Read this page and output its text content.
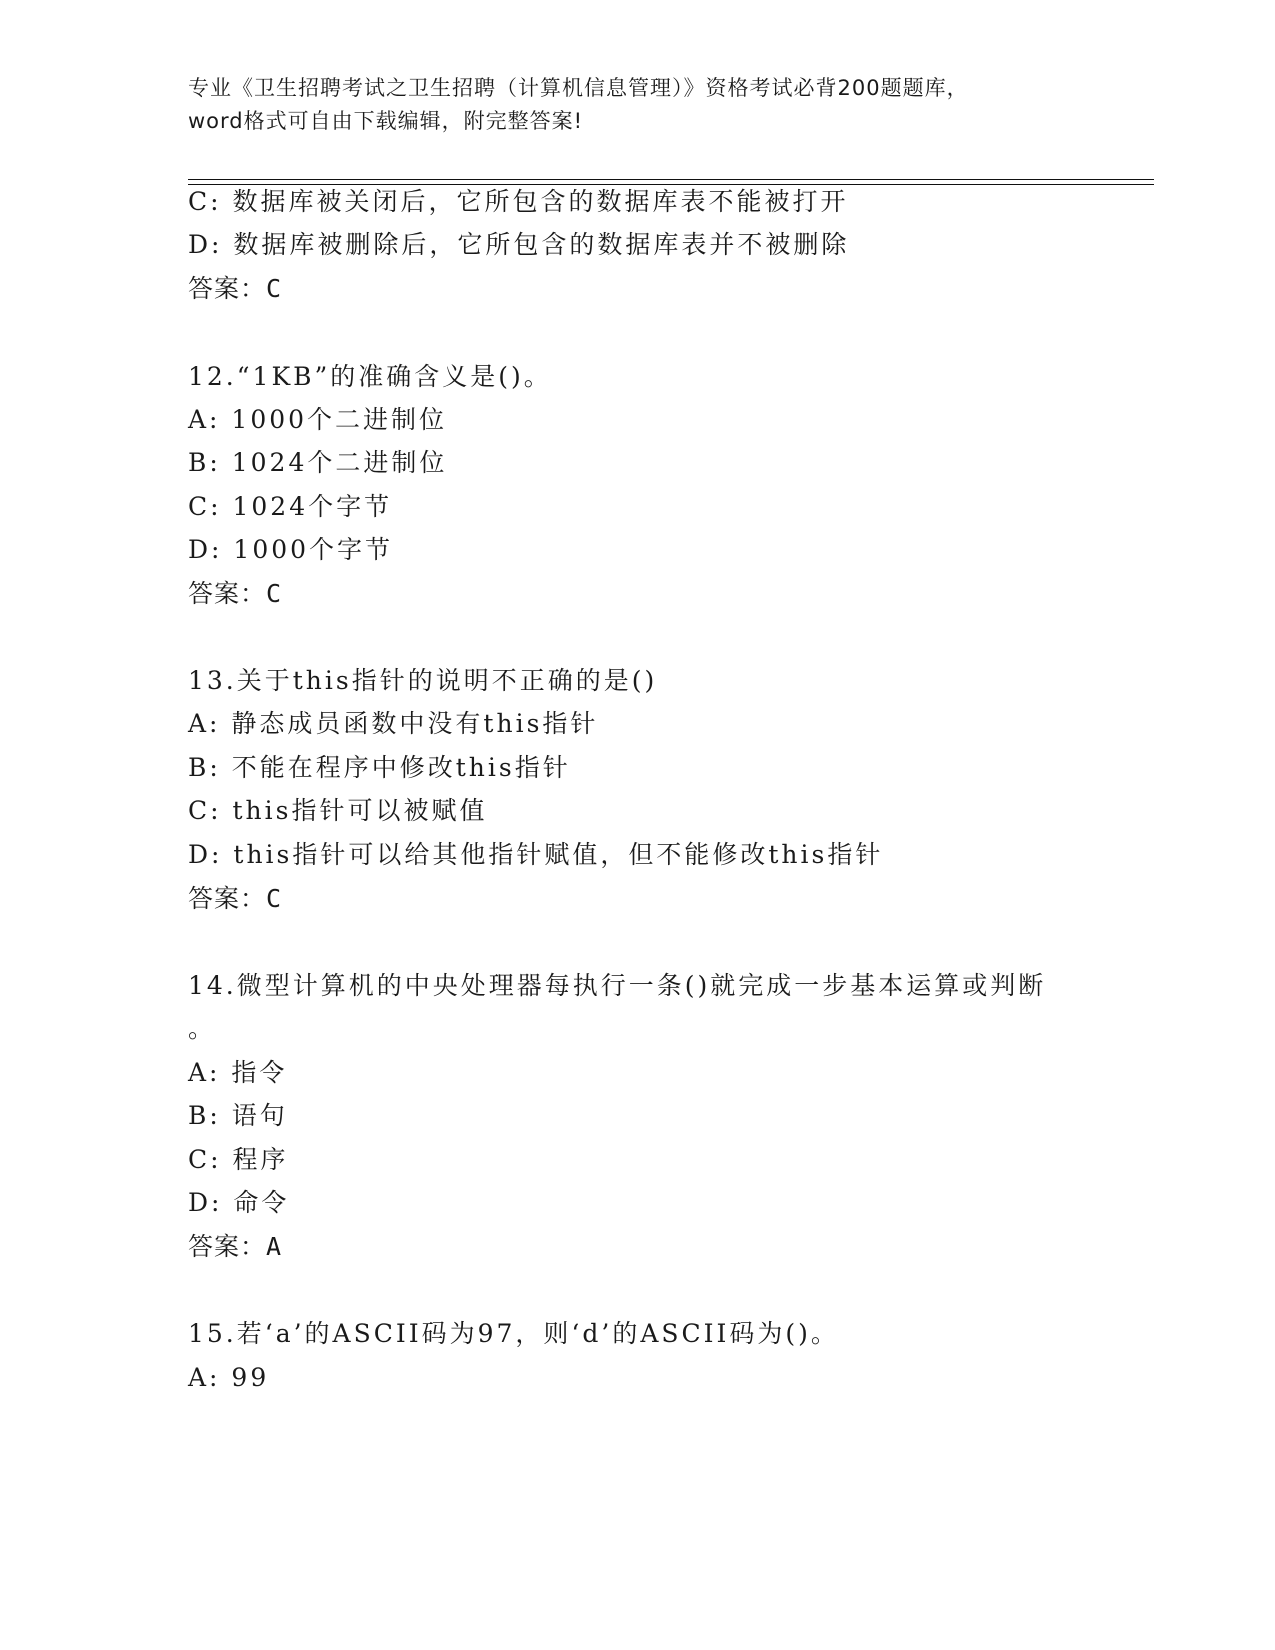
专业《卫生招聘考试之卫生招聘（计算机信息管理）》资格考试必背200题题库，
word格式可自由下载编辑，附完整答案!
C: 数据库被关闭后，它所包含的数据库表不能被打开
D: 数据库被删除后，它所包含的数据库表并不被删除
答案：C
12.“1KB”的准确含义是()。
A: 1000个二进制位
B: 1024个二进制位
C: 1024个字节
D: 1000个字节
答案：C
13.关于this指针的说明不正确的是()
A: 静态成员函数中没有this指针
B: 不能在程序中修改this指针
C: this指针可以被赋值
D: this指针可以给其他指针赋值，但不能修改this指针
答案：C
14.微型计算机的中央处理器每执行一条()就完成一步基本运算或判断
。
A: 指令
B: 语句
C: 程序
D: 命令
答案：A
15.若‘a’的ASCII码为97，则‘d’的ASCII码为()。
A: 99
